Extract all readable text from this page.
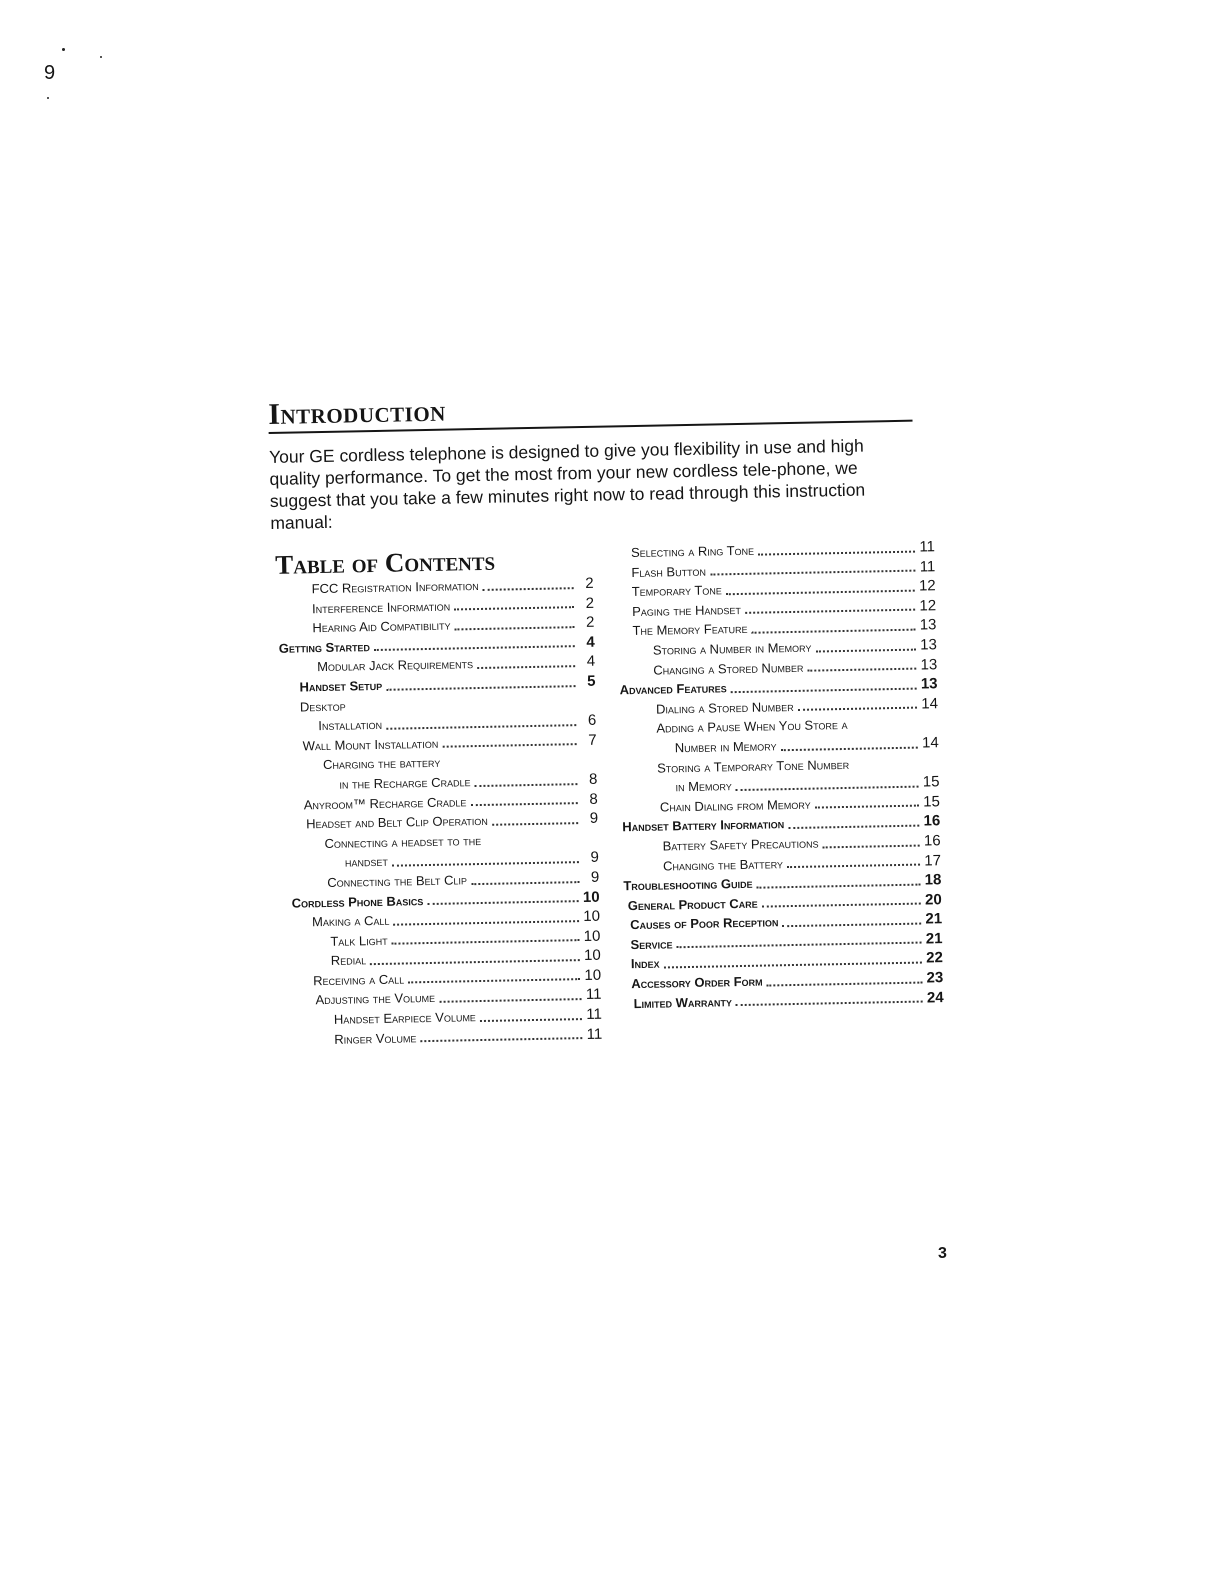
9
Introduction

Your GE cordless telephone is designed to give you flexibility in use and high quality performance. To get the most from your new cordless tele-phone, we suggest that you take a few minutes right now to read through this instruction manual:

Table of Contents
FCC Registration Information	2
Interference Information	2
Hearing Aid Compatibility	2
Getting Started	4
Modular Jack Requirements	4
Handset Setup	5
Desktop
Installation	6
Wall Mount Installation	7
Charging the battery
in the Recharge Cradle	8
Anyroom™ Recharge Cradle	8
Headset and Belt Clip Operation	9
Connecting a headset to the
handset	9
Connecting the Belt Clip	9
Cordless Phone Basics	10
Making a Call	10
Talk Light	10
Redial	10
Receiving a Call	10
Adjusting the Volume	11
Handset Earpiece Volume	11
Ringer Volume	11
Selecting a Ring Tone	11
Flash Button	11
Temporary Tone	12
Paging the Handset	12
The Memory Feature	13
Storing a Number in Memory	13
Changing a Stored Number	13
Advanced Features	13
Dialing a Stored Number	14
Adding a Pause When You Store a
Number in Memory	14
Storing a Temporary Tone Number
in Memory	15
Chain Dialing from Memory	15
Handset Battery Information	16
Battery Safety Precautions	16
Changing the Battery	17
Troubleshooting Guide	18
General Product Care	20
Causes of Poor Reception	21
Service	21
Index	22
Accessory Order Form	23
Limited Warranty	24
3
